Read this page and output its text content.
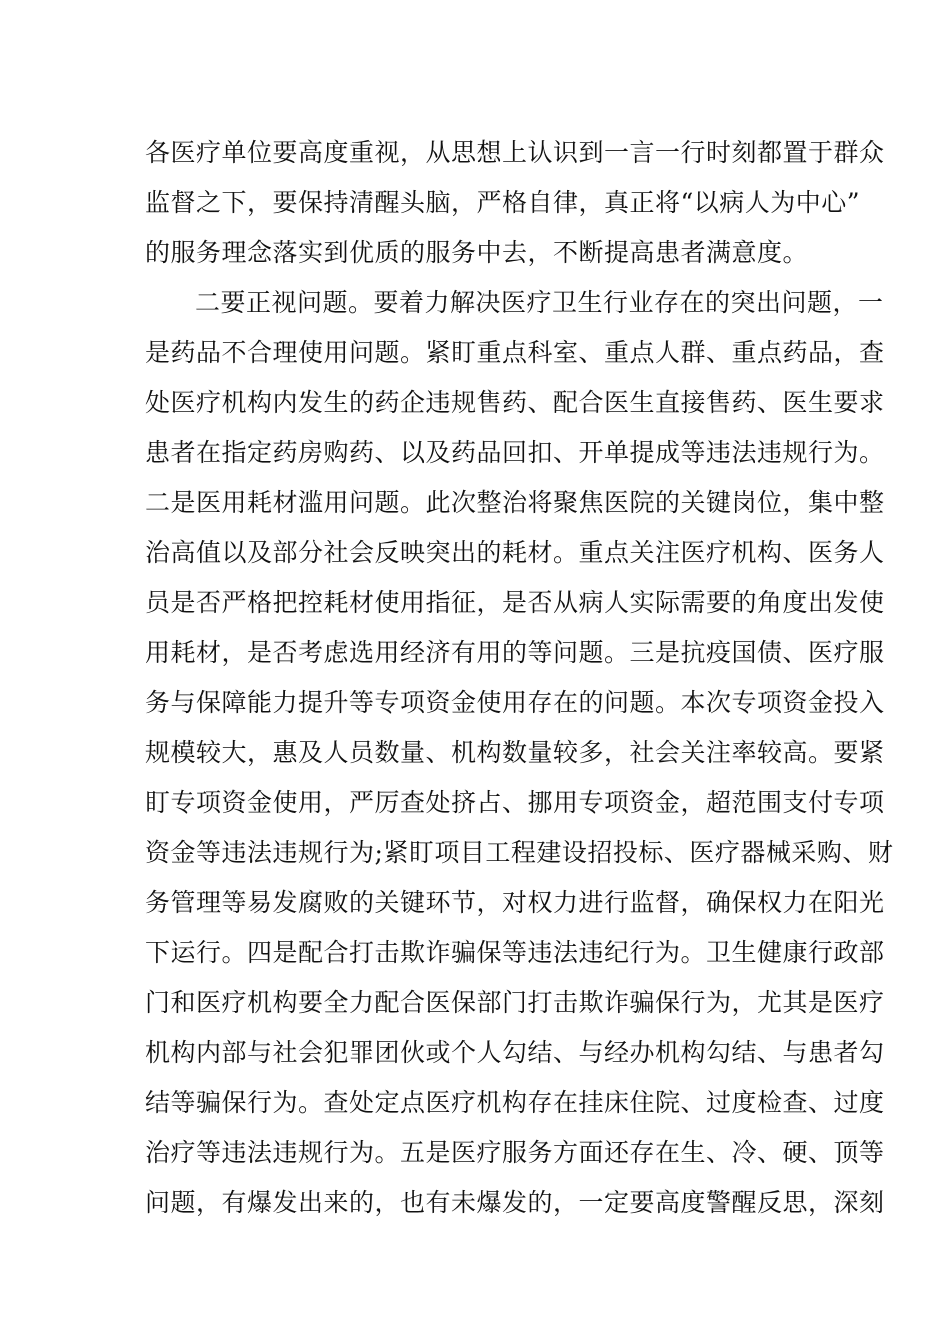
各医疗单位要高度重视，从思想上认识到一言一行时刻都置于群众
监督之下，要保持清醒头脑，严格自律，真正将“以病人为中心”
的服务理念落实到优质的服务中去，不断提高患者满意度。
二要正视问题。要着力解决医疗卫生行业存在的突出问题，一
是药品不合理使用问题。紧盯重点科室、重点人群、重点药品，查
处医疗机构内发生的药企违规售药、配合医生直接售药、医生要求
患者在指定药房购药、以及药品回扣、开单提成等违法违规行为。
二是医用耗材滥用问题。此次整治将聚焦医院的关键岗位，集中整
治高值以及部分社会反映突出的耗材。重点关注医疗机构、医务人
员是否严格把控耗材使用指征，是否从病人实际需要的角度出发使
用耗材，是否考虑选用经济有用的等问题。三是抗疫国债、医疗服
务与保障能力提升等专项资金使用存在的问题。本次专项资金投入
规模较大，惠及人员数量、机构数量较多，社会关注率较高。要紧
盯专项资金使用，严厉查处挤占、挪用专项资金，超范围支付专项
资金等违法违规行为;紧盯项目工程建设招投标、医疗器械采购、财
务管理等易发腐败的关键环节，对权力进行监督，确保权力在阳光
下运行。四是配合打击欺诈骗保等违法违纪行为。卫生健康行政部
门和医疗机构要全力配合医保部门打击欺诈骗保行为，尤其是医疗
机构内部与社会犯罪团伙或个人勾结、与经办机构勾结、与患者勾
结等骗保行为。查处定点医疗机构存在挂床住院、过度检查、过度
治疗等违法违规行为。五是医疗服务方面还存在生、冷、硬、顶等
问题，有爆发出来的，也有未爆发的，一定要高度警醒反思，深刻
